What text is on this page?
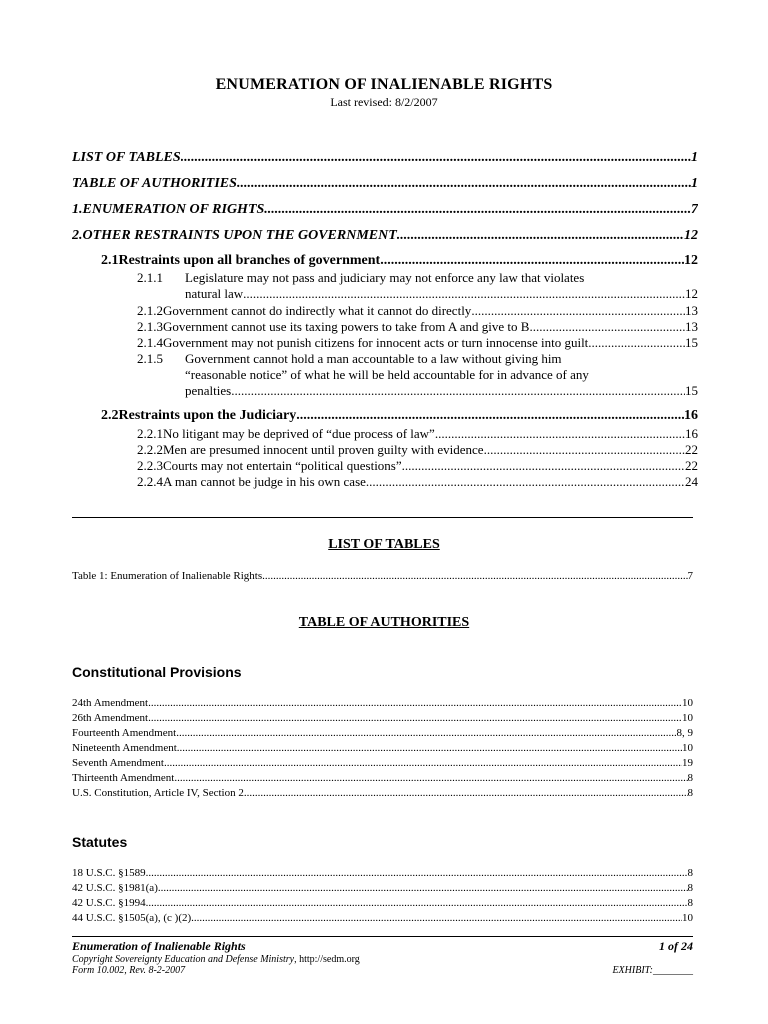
ENUMERATION OF INALIENABLE RIGHTS
Last revised: 8/2/2007
LIST OF TABLES .....	1
TABLE OF AUTHORITIES .....	1
1. ENUMERATION OF RIGHTS .....	7
2. OTHER RESTRAINTS UPON THE GOVERNMENT .....	12
2.1 Restraints upon all branches of government .....	12
2.1.1 Legislature may not pass and judiciary may not enforce any law that violates
natural law .....	12
2.1.2 Government cannot do indirectly what it cannot do directly .....	13
2.1.3 Government cannot use its taxing powers to take from A and give to B .....	13
2.1.4 Government may not punish citizens for innocent acts or turn innocense into guilt .....	15
2.1.5 Government cannot hold a man accountable to a law without giving him
“reasonable notice” of what he will be held accountable for in advance of any
penalties .....	15
2.2 Restraints upon the Judiciary .....	16
2.2.1 No litigant may be deprived of “due process of law” .....	16
2.2.2 Men are presumed innocent until proven guilty with evidence .....	22
2.2.3 Courts may not entertain “political questions” .....	22
2.2.4 A man cannot be judge in his own case .....	24
LIST OF TABLES
Table 1: Enumeration of Inalienable Rights .....	7
TABLE OF AUTHORITIES
Constitutional Provisions
24th Amendment .....	10
26th Amendment .....	10
Fourteenth Amendment .....	8, 9
Nineteenth Amendment .....	10
Seventh Amendment .....	19
Thirteenth Amendment .....	8
U.S. Constitution, Article IV, Section 2 .....	8
Statutes
18 U.S.C. §1589 .....	8
42 U.S.C. §1981(a) .....	8
42 U.S.C. §1994 .....	8
44 U.S.C. §1505(a), (c )(2) .....	10
Enumeration of Inalienable Rights	1 of 24
Copyright Sovereignty Education and Defense Ministry, http://sedm.org
Form 10.002, Rev. 8-2-2007	EXHIBIT:________
